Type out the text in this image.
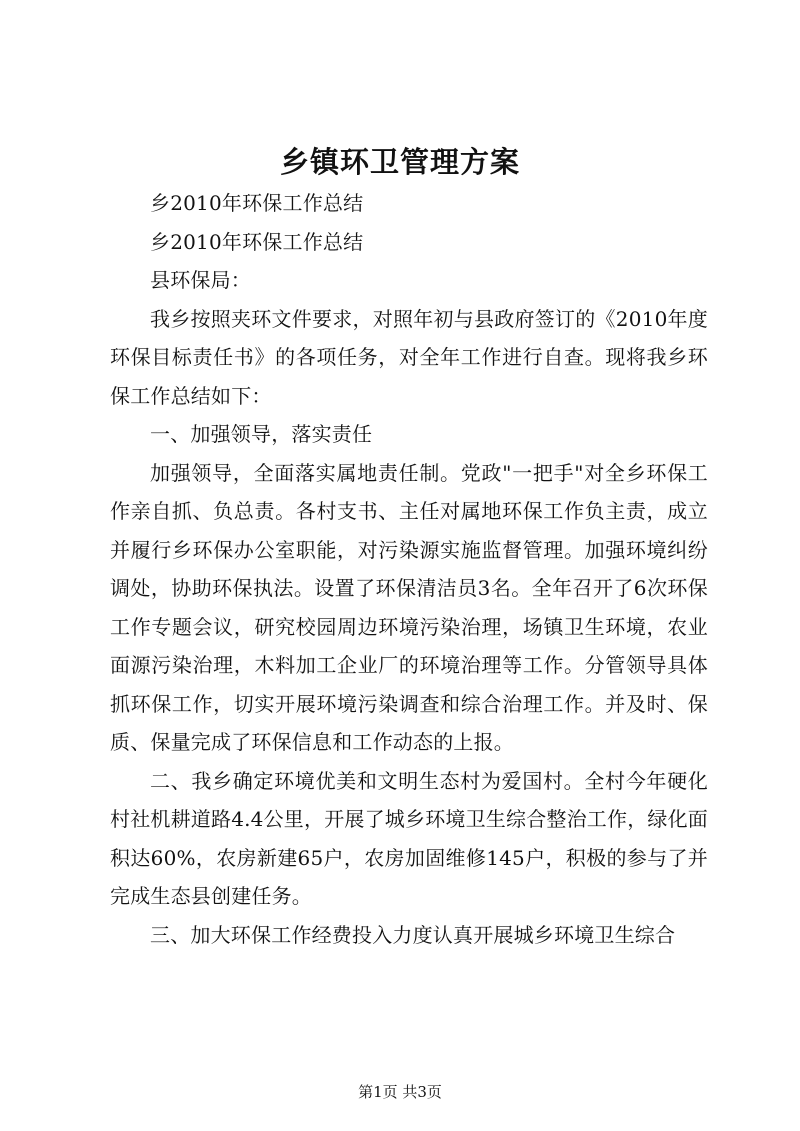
乡镇环卫管理方案

乡2010年环保工作总结

乡2010年环保工作总结

县环保局：

我乡按照夹环文件要求，对照年初与县政府签订的《2010年度环保目标责任书》的各项任务，对全年工作进行自查。现将我乡环保工作总结如下：

一、加强领导，落实责任

加强领导，全面落实属地责任制。党政"一把手"对全乡环保工作亲自抓、负总责。各村支书、主任对属地环保工作负主责，成立并履行乡环保办公室职能，对污染源实施监督管理。加强环境纠纷调处，协助环保执法。设置了环保清洁员3名。全年召开了6次环保工作专题会议，研究校园周边环境污染治理，场镇卫生环境，农业面源污染治理，木料加工企业厂的环境治理等工作。分管领导具体抓环保工作，切实开展环境污染调查和综合治理工作。并及时、保质、保量完成了环保信息和工作动态的上报。

二、我乡确定环境优美和文明生态村为爱国村。全村今年硬化村社机耕道路4.4公里，开展了城乡环境卫生综合整治工作，绿化面积达60%，农房新建65户，农房加固维修145户，积极的参与了并完成生态县创建任务。

三、加大环保工作经费投入力度认真开展城乡环境卫生综合

第1页 共3页
